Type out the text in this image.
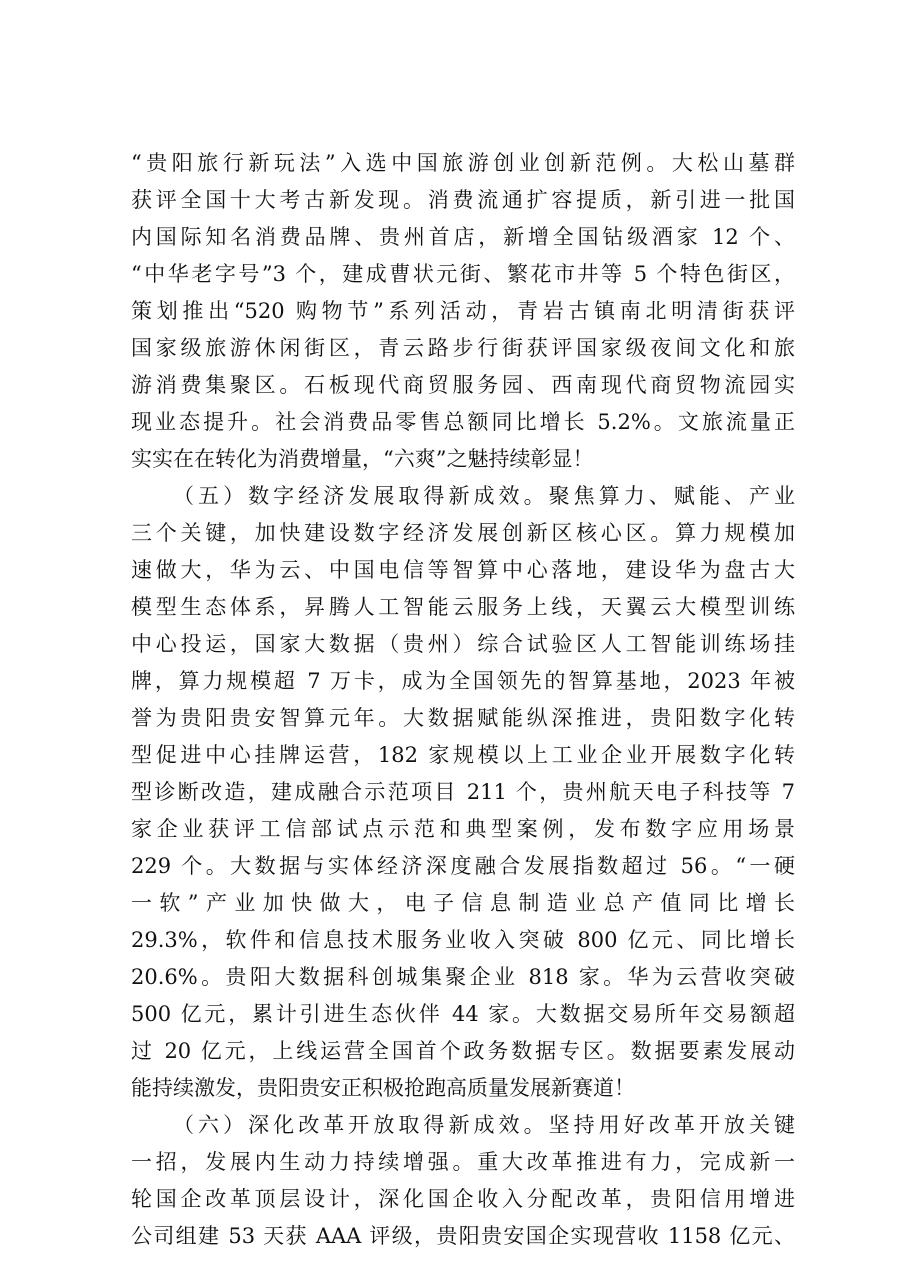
“贵阳旅行新玩法”入选中国旅游创业创新范例。大松山墓群
获评全国十大考古新发现。消费流通扩容提质，新引进一批国
内国际知名消费品牌、贵州首店，新增全国钻级酒家 12 个、
“中华老字号”3 个，建成曹状元街、繁花市井等 5 个特色街区，
策划推出“520 购物节”系列活动，青岩古镇南北明清街获评
国家级旅游休闲街区，青云路步行街获评国家级夜间文化和旅
游消费集聚区。石板现代商贸服务园、西南现代商贸物流园实
现业态提升。社会消费品零售总额同比增长 5.2%。文旅流量正
实实在在转化为消费增量，“六爽”之魅持续彰显！
（五）数字经济发展取得新成效。聚焦算力、赋能、产业
三个关键，加快建设数字经济发展创新区核心区。算力规模加
速做大，华为云、中国电信等智算中心落地，建设华为盘古大
模型生态体系，昇腾人工智能云服务上线，天翼云大模型训练
中心投运，国家大数据（贵州）综合试验区人工智能训练场挂
牌，算力规模超 7 万卡，成为全国领先的智算基地，2023 年被
誉为贵阳贵安智算元年。大数据赋能纵深推进，贵阳数字化转
型促进中心挂牌运营，182 家规模以上工业企业开展数字化转
型诊断改造，建成融合示范项目 211 个，贵州航天电子科技等 7
家企业获评工信部试点示范和典型案例，发布数字应用场景
229 个。大数据与实体经济深度融合发展指数超过 56。“一硬
一软”产业加快做大，电子信息制造业总产值同比增长
29.3%，软件和信息技术服务业收入突破 800 亿元、同比增长
20.6%。贵阳大数据科创城集聚企业 818 家。华为云营收突破
500 亿元，累计引进生态伙伴 44 家。大数据交易所年交易额超
过 20 亿元，上线运营全国首个政务数据专区。数据要素发展动
能持续激发，贵阳贵安正积极抢跑高质量发展新赛道！
（六）深化改革开放取得新成效。坚持用好改革开放关键
一招，发展内生动力持续增强。重大改革推进有力，完成新一
轮国企改革顶层设计，深化国企收入分配改革，贵阳信用增进
公司组建 53 天获 AAA 评级，贵阳贵安国企实现营收 1158 亿元、
